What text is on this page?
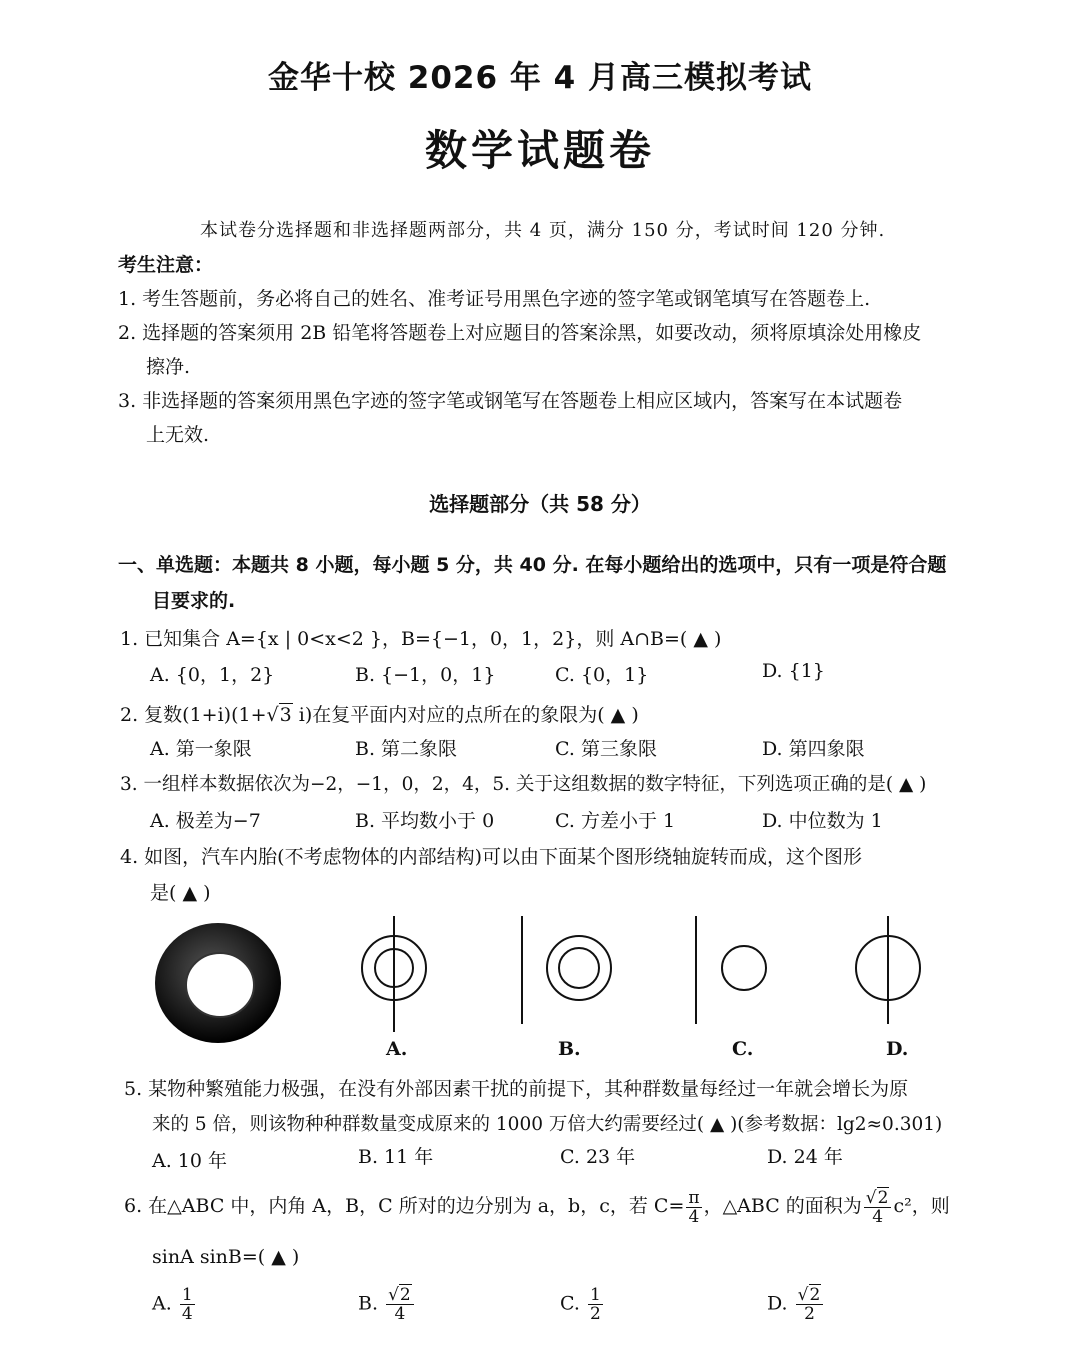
金华十校 2026 年 4 月高三模拟考试
数学试题卷
本试卷分选择题和非选择题两部分，共 4 页，满分 150 分，考试时间 120 分钟.
考生注意：
1. 考生答题前，务必将自己的姓名、准考证号用黑色字迹的签字笔或钢笔填写在答题卷上.
2. 选择题的答案须用 2B 铅笔将答题卷上对应题目的答案涂黑，如要改动，须将原填涂处用橡皮
擦净.
3. 非选择题的答案须用黑色字迹的签字笔或钢笔写在答题卷上相应区域内，答案写在本试题卷
上无效.
选择题部分（共 58 分）
一、单选题：本题共 8 小题，每小题 5 分，共 40 分. 在每小题给出的选项中，只有一项是符合题
目要求的.
1. 已知集合 A={x | 0<x<2 }，B={−1，0，1，2}，则 A∩B=( ▲ )
A. {0，1，2}	B. {−1，0，1}	C. {0，1}	D. {1}
2. 复数(1+i)(1+√3 i)在复平面内对应的点所在的象限为( ▲ )
A. 第一象限	B. 第二象限	C. 第三象限	D. 第四象限
3. 一组样本数据依次为−2，−1，0，2，4，5. 关于这组数据的数字特征，下列选项正确的是( ▲ )
A. 极差为−7	B. 平均数小于 0	C. 方差小于 1	D. 中位数为 1
4. 如图，汽车内胎(不考虑物体的内部结构)可以由下面某个图形绕轴旋转而成，这个图形
是( ▲ )
A.	B.	C.	D.
5. 某物种繁殖能力极强，在没有外部因素干扰的前提下，其种群数量每经过一年就会增长为原
来的 5 倍，则该物种种群数量变成原来的 1000 万倍大约需要经过( ▲ )(参考数据：lg2≈0.301)
A. 10 年	B. 11 年	C. 23 年	D. 24 年
6. 在△ABC 中，内角 A，B，C 所对的边分别为 a，b，c，若 $C= \frac{\pi}{4}$ ，△ABC 的面积为 $\frac{√2}{4} c^2$，则
sinA sinB=( ▲ )
A. $\frac{1}{4}$	B. $\frac{√2}{4}$	C. $\frac{1}{2}$	D. $\frac{√2}{2}$
